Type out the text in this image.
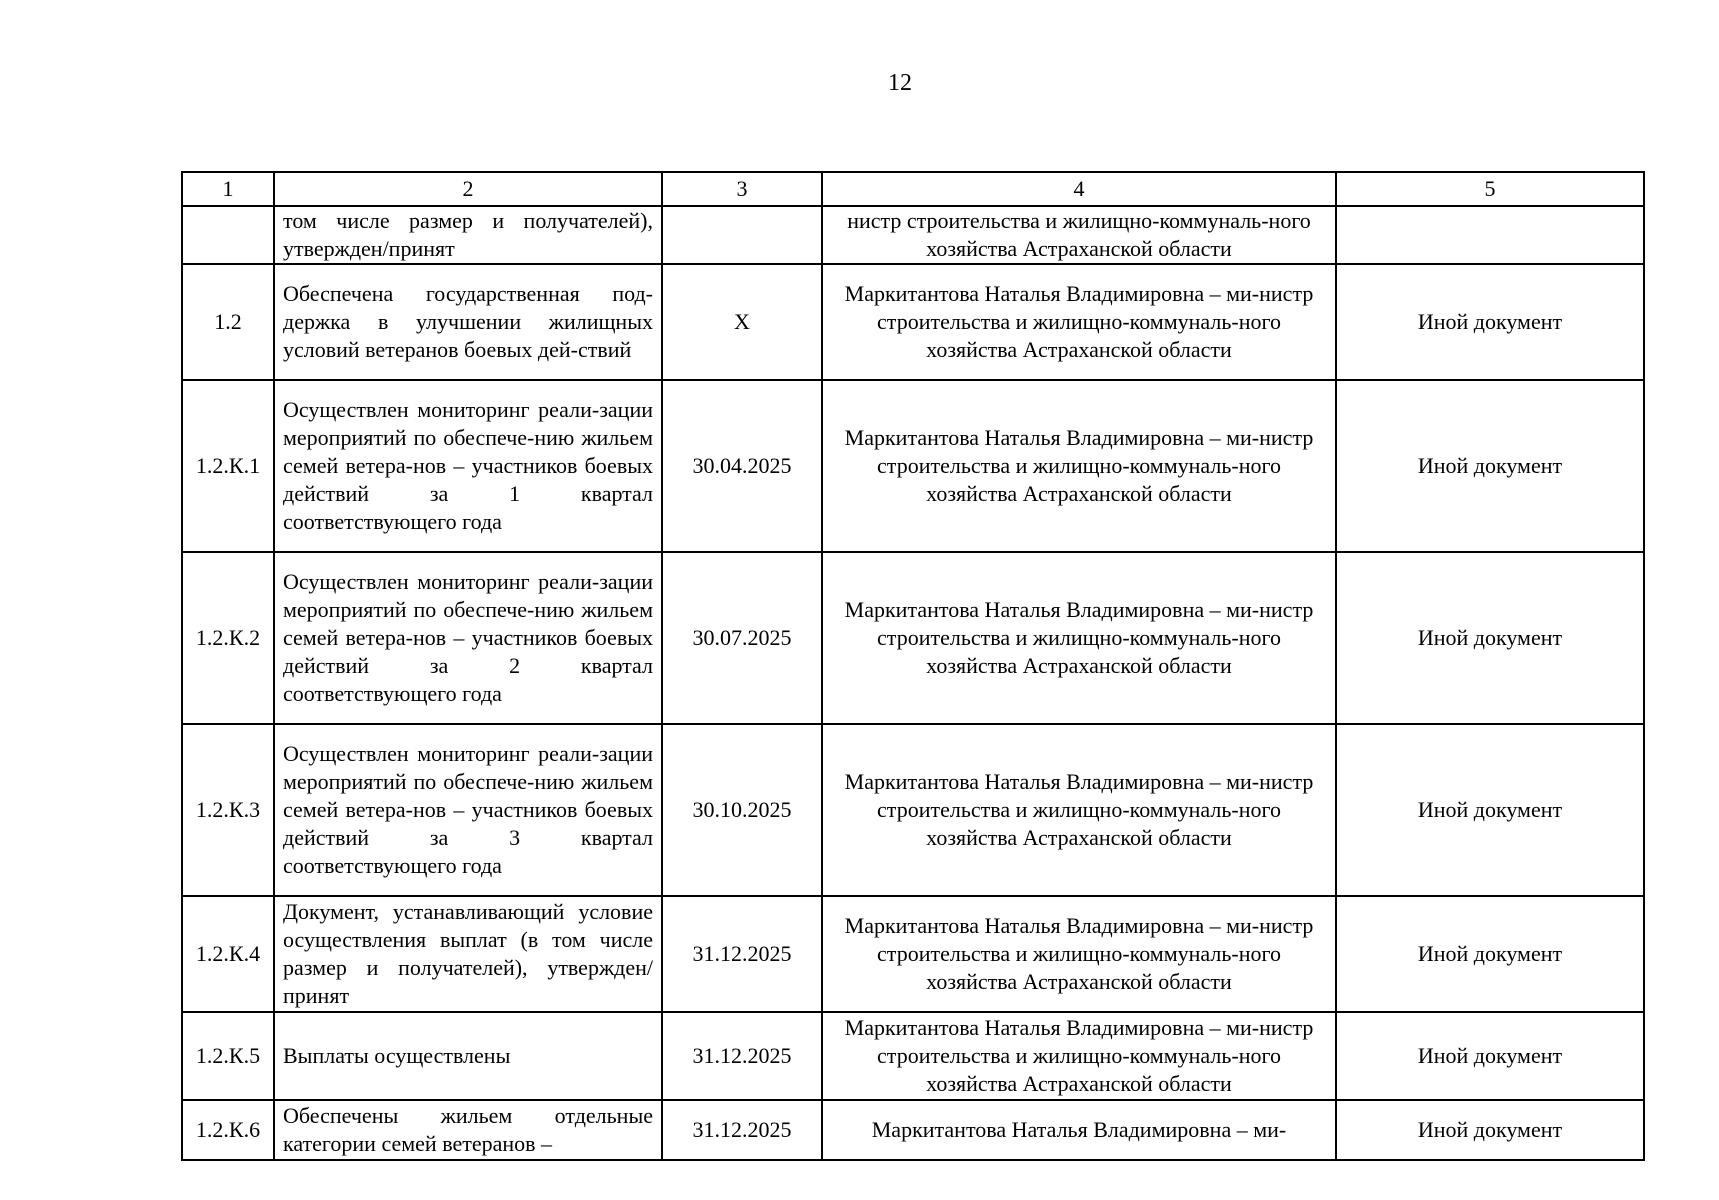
12
1	2	3	4	5
	том числе размер и получателей), утвержден/принят		нистр строительства и жилищно-коммуналь-ного хозяйства Астраханской области	
1.2	Обеспечена государственная под-держка в улучшении жилищных условий ветеранов боевых дей-ствий	X	Маркитантова Наталья Владимировна – ми-нистр строительства и жилищно-коммуналь-ного хозяйства Астраханской области	Иной документ
1.2.К.1	Осуществлен мониторинг реали-зации мероприятий по обеспече-нию жильем семей ветера-нов – участников боевых действий за 1 квартал соответствующего года	30.04.2025	Маркитантова Наталья Владимировна – ми-нистр строительства и жилищно-коммуналь-ного хозяйства Астраханской области	Иной документ
1.2.К.2	Осуществлен мониторинг реали-зации мероприятий по обеспече-нию жильем семей ветера-нов – участников боевых действий за 2 квартал соответствующего года	30.07.2025	Маркитантова Наталья Владимировна – ми-нистр строительства и жилищно-коммуналь-ного хозяйства Астраханской области	Иной документ
1.2.К.3	Осуществлен мониторинг реали-зации мероприятий по обеспече-нию жильем семей ветера-нов – участников боевых действий за 3 квартал соответствующего года	30.10.2025	Маркитантова Наталья Владимировна – ми-нистр строительства и жилищно-коммуналь-ного хозяйства Астраханской области	Иной документ
1.2.К.4	Документ, устанавливающий условие осуществления выплат (в том числе размер и получателей), утвержден/принят	31.12.2025	Маркитантова Наталья Владимировна – ми-нистр строительства и жилищно-коммуналь-ного хозяйства Астраханской области	Иной документ
1.2.К.5	Выплаты осуществлены	31.12.2025	Маркитантова Наталья Владимировна – ми-нистр строительства и жилищно-коммуналь-ного хозяйства Астраханской области	Иной документ
1.2.К.6	Обеспечены жильем отдельные категории семей ветеранов –	31.12.2025	Маркитантова Наталья Владимировна – ми-	Иной документ
